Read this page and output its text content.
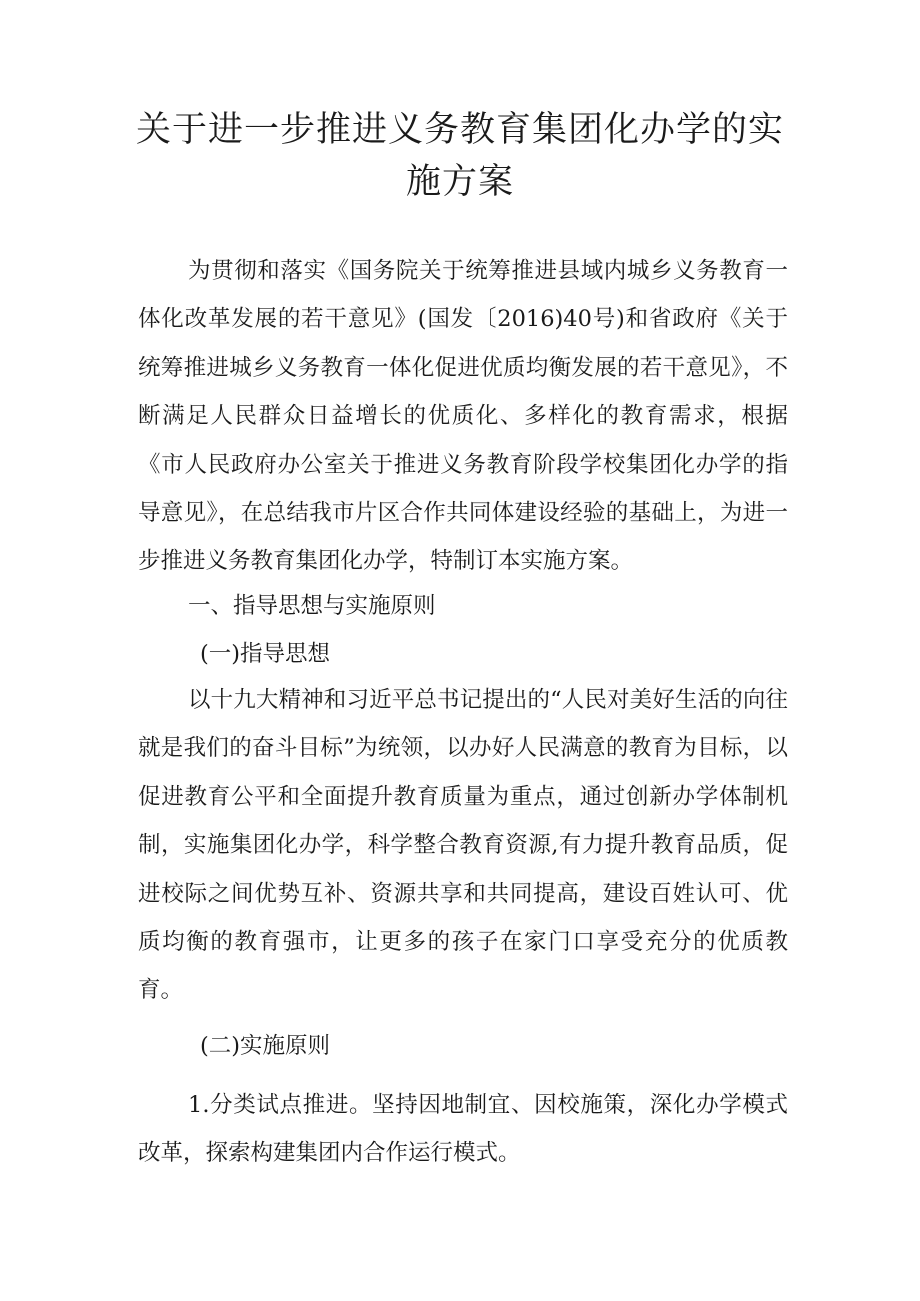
关于进一步推进义务教育集团化办学的实
施方案

为贯彻和落实《国务院关于统筹推进县域内城乡义务教育一体化改革发展的若干意见》(国发〔2016)40号)和省政府《关于统筹推进城乡义务教育一体化促进优质均衡发展的若干意见》，不断满足人民群众日益增长的优质化、多样化的教育需求，根据《市人民政府办公室关于推进义务教育阶段学校集团化办学的指导意见》，在总结我市片区合作共同体建设经验的基础上，为进一步推进义务教育集团化办学，特制订本实施方案。

一、指导思想与实施原则

(一)指导思想

以十九大精神和习近平总书记提出的“人民对美好生活的向往就是我们的奋斗目标”为统领，以办好人民满意的教育为目标，以促进教育公平和全面提升教育质量为重点，通过创新办学体制机制，实施集团化办学，科学整合教育资源,有力提升教育品质，促进校际之间优势互补、资源共享和共同提高，建设百姓认可、优质均衡的教育强市，让更多的孩子在家门口享受充分的优质教育。

(二)实施原则

1.分类试点推进。坚持因地制宜、因校施策，深化办学模式改革，探索构建集团内合作运行模式。
